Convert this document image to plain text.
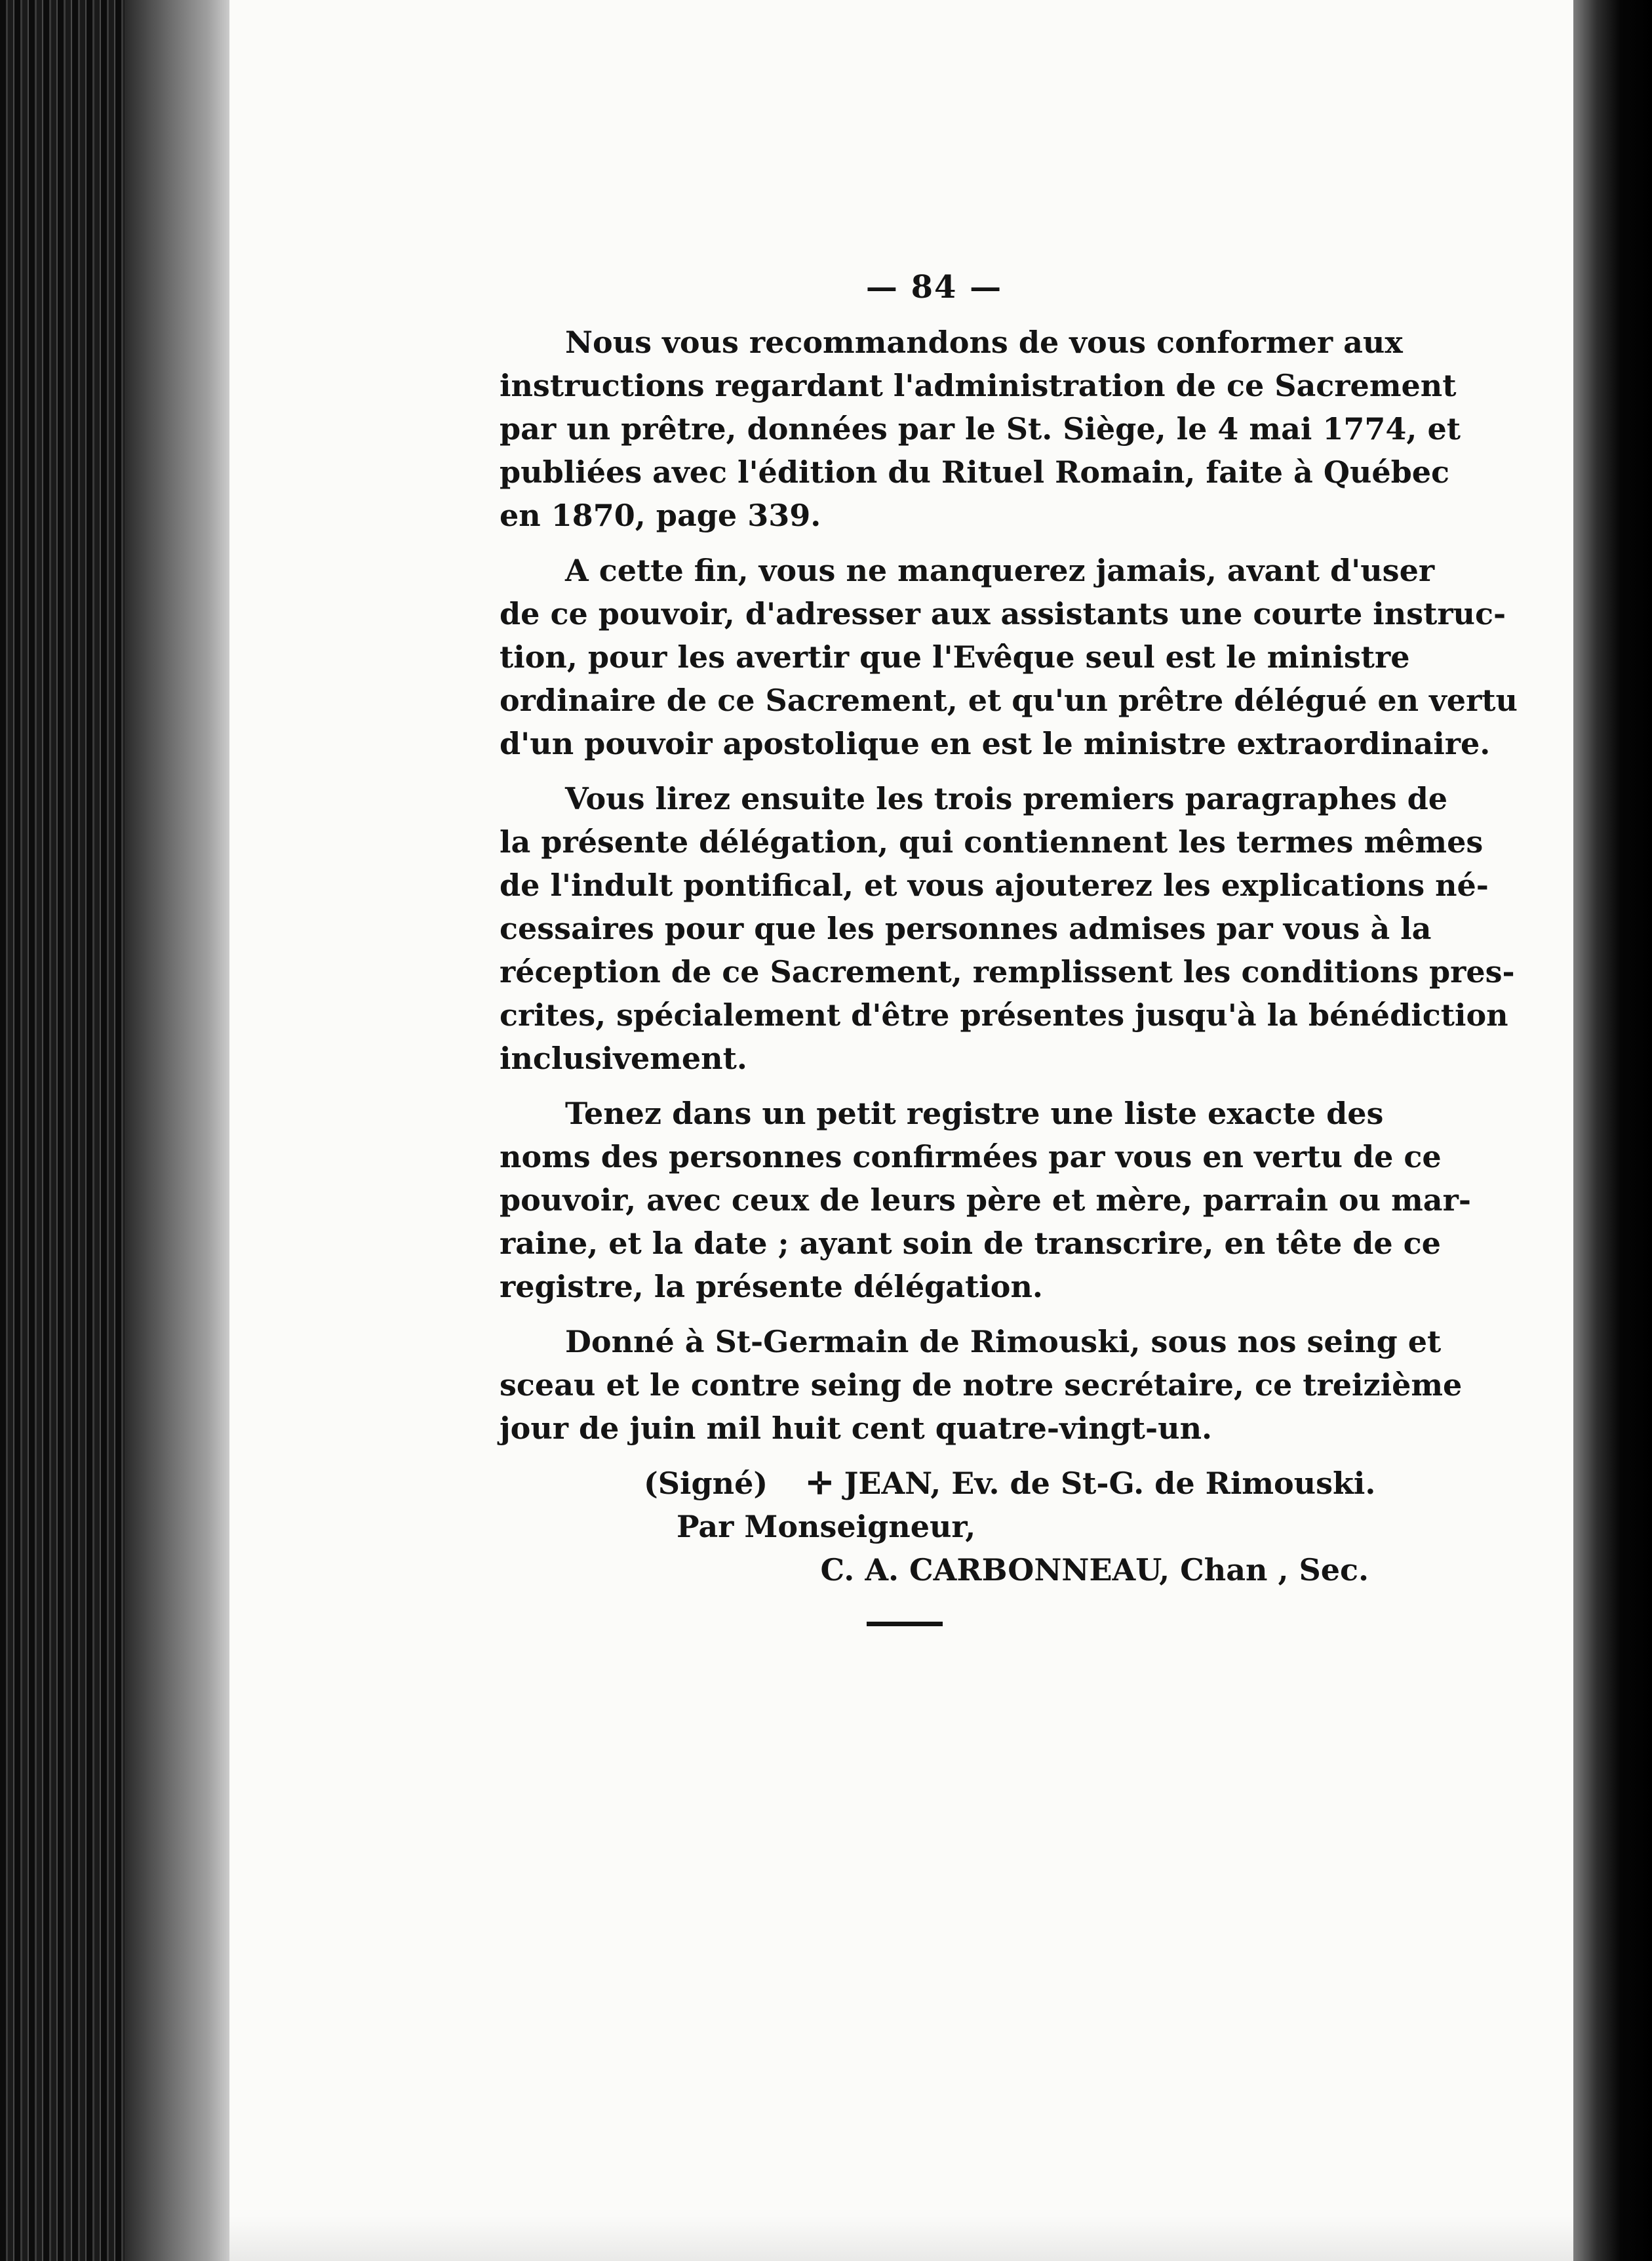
— 84 —
Nous vous recommandons de vous conformer aux
instructions regardant l'administration de ce Sacrement
par un prêtre, données par le St. Siège, le 4 mai 1774, et
publiées avec l'édition du Rituel Romain, faite à Québec
en 1870, page 339.
A cette fin, vous ne manquerez jamais, avant d'user
de ce pouvoir, d'adresser aux assistants une courte instruc-
tion, pour les avertir que l'Evêque seul est le ministre
ordinaire de ce Sacrement, et qu'un prêtre délégué en vertu
d'un pouvoir apostolique en est le ministre extraordinaire.
Vous lirez ensuite les trois premiers paragraphes de
la présente délégation, qui contiennent les termes mêmes
de l'indult pontifical, et vous ajouterez les explications né-
cessaires pour que les personnes admises par vous à la
réception de ce Sacrement, remplissent les conditions pres-
crites, spécialement d'être présentes jusqu'à la bénédiction
inclusivement.
Tenez dans un petit registre une liste exacte des
noms des personnes confirmées par vous en vertu de ce
pouvoir, avec ceux de leurs père et mère, parrain ou mar-
raine, et la date ; ayant soin de transcrire, en tête de ce
registre, la présente délégation.
Donné à St-Germain de Rimouski, sous nos seing et
sceau et le contre seing de notre secrétaire, ce treizième
jour de juin mil huit cent quatre-vingt-un.
(Signé) ✛ JEAN, Ev. de St-G. de Rimouski.
Par Monseigneur,
C. A. CARBONNEAU, Chan , Sec.
